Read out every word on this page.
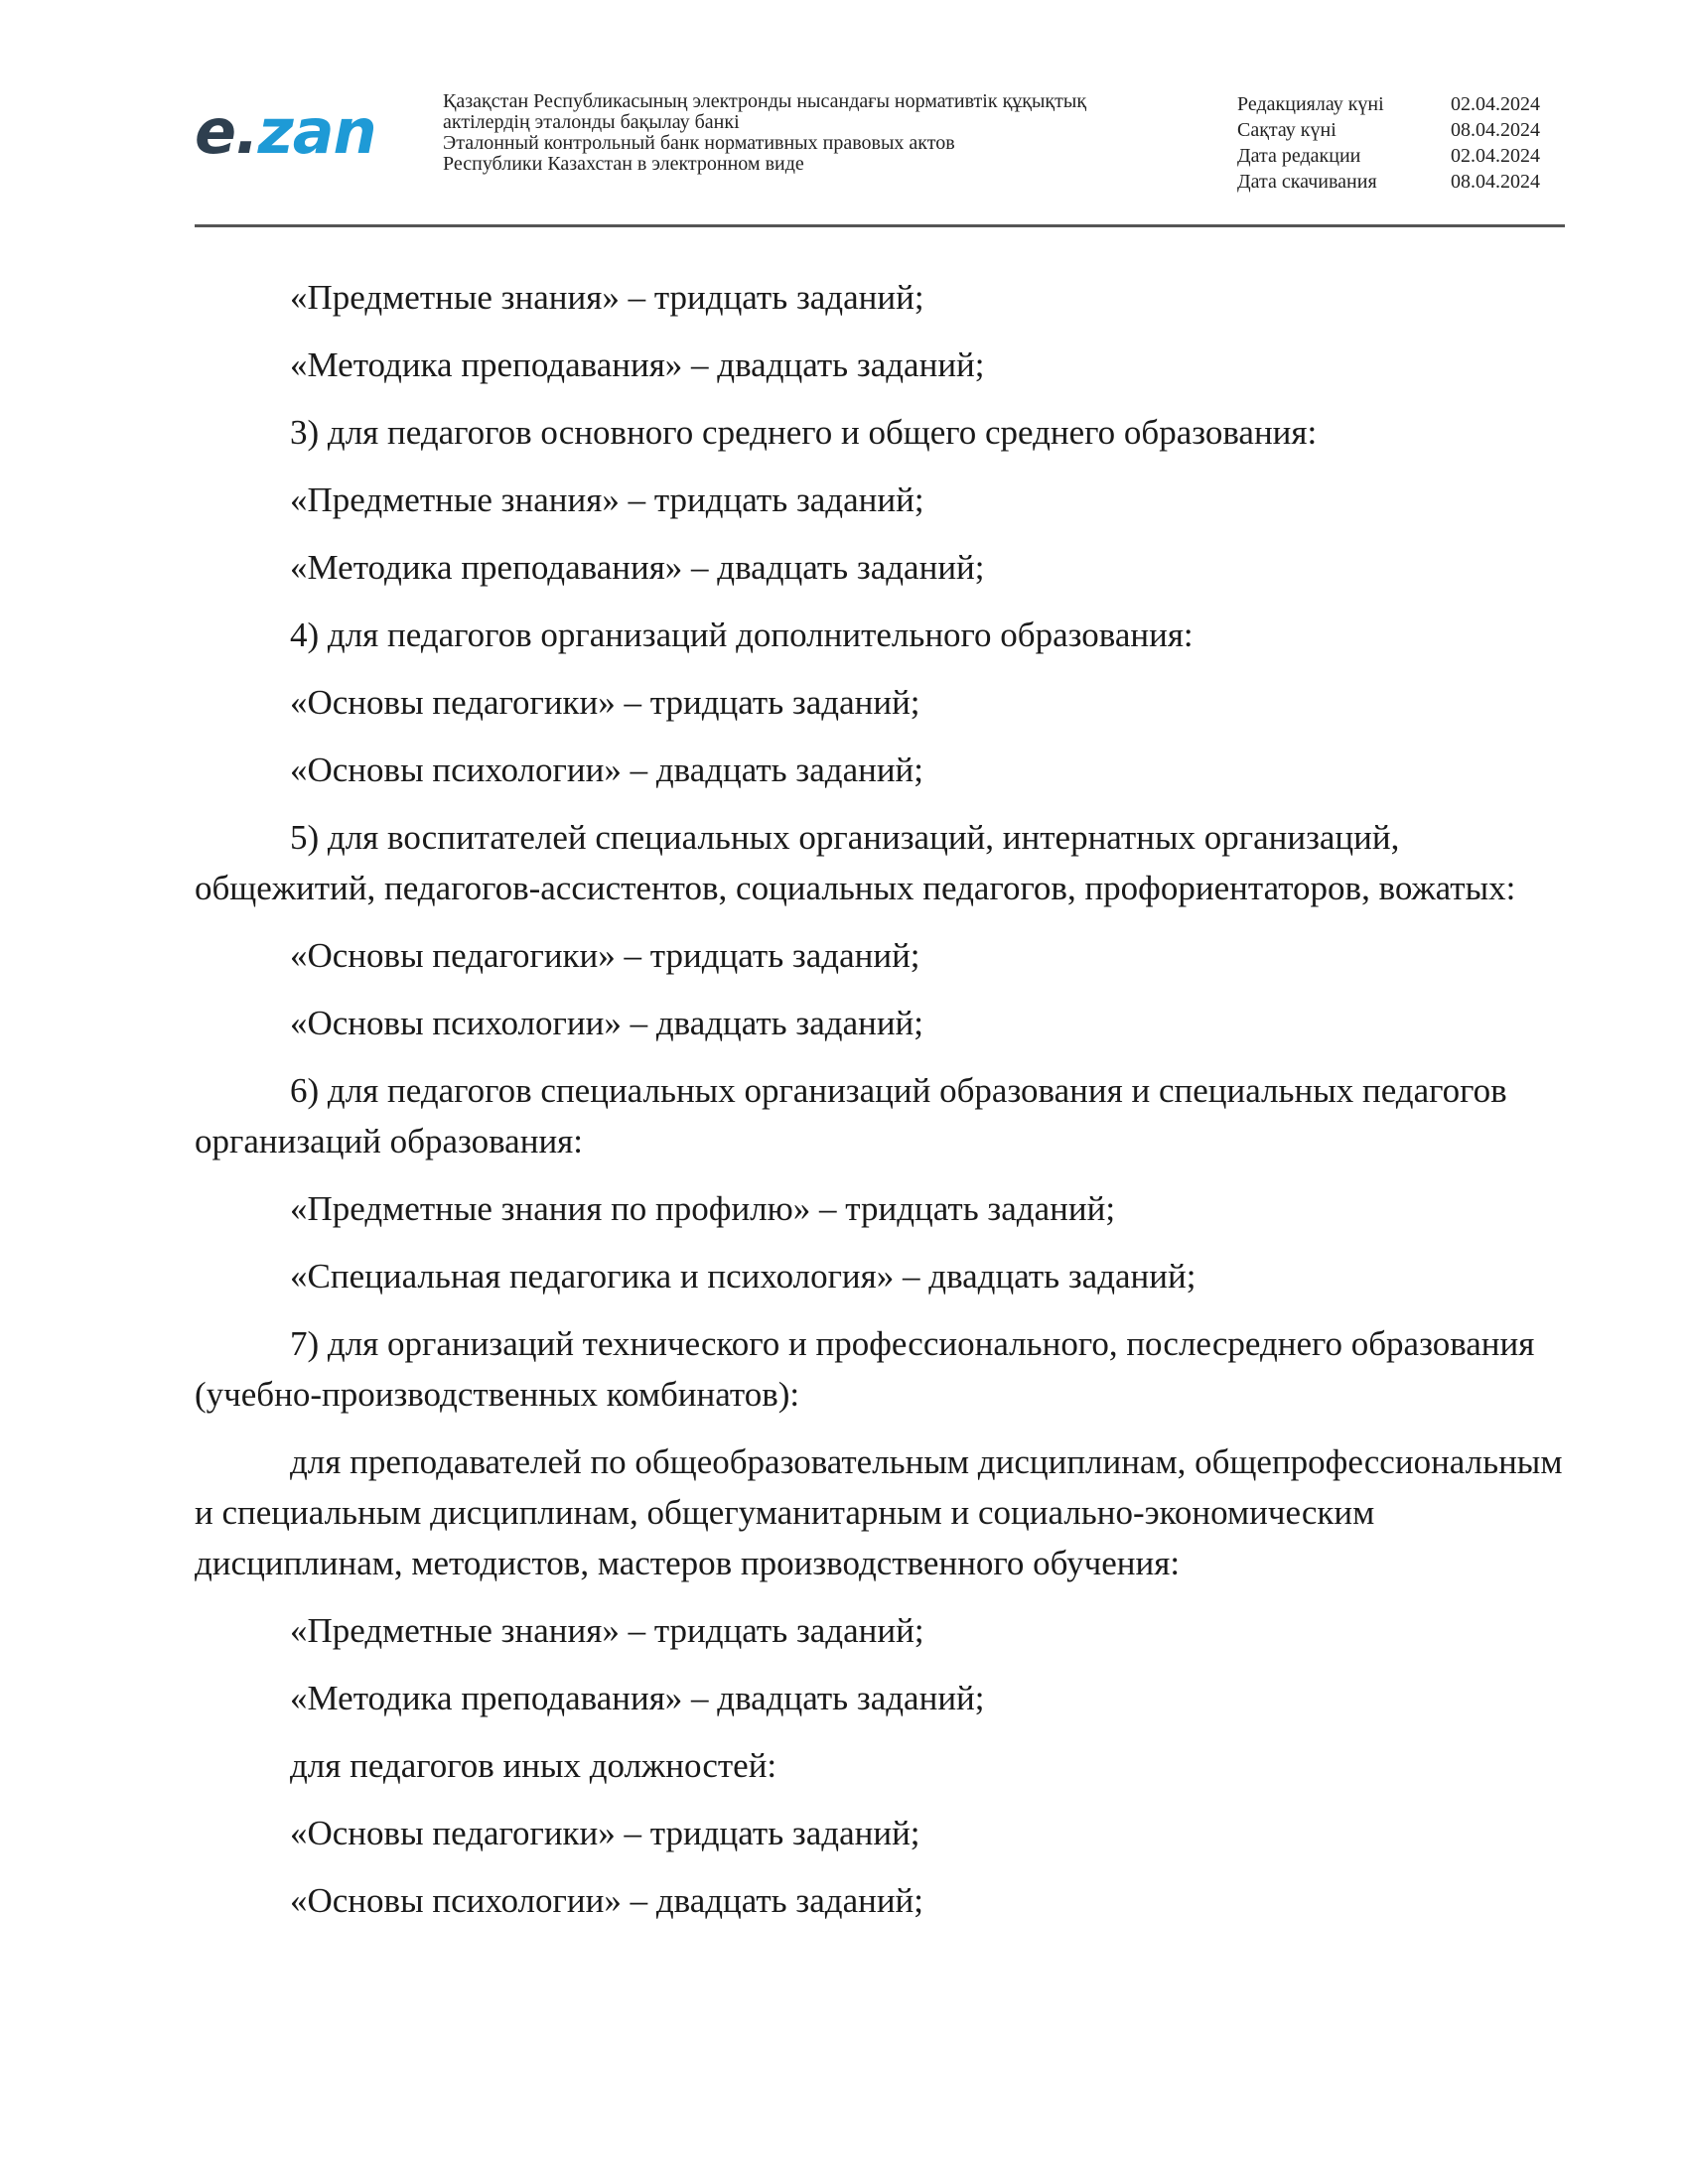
e.zan	Қазақстан Республикасының электронды нысандағы нормативтік құқықтық
актілердің эталонды бақылау банкі
Эталонный контрольный банк нормативных правовых актов
Республики Казахстан в электронном виде
Редакциялау күні	02.04.2024
Сақтау күні	08.04.2024
Дата редакции	02.04.2024
Дата скачивания	08.04.2024

«Предметные знания» – тридцать заданий;

«Методика преподавания» – двадцать заданий;

3) для педагогов основного среднего и общего среднего образования:

«Предметные знания» – тридцать заданий;

«Методика преподавания» – двадцать заданий;

4) для педагогов организаций дополнительного образования:

«Основы педагогики» – тридцать заданий;

«Основы психологии» – двадцать заданий;

5) для воспитателей специальных организаций, интернатных организаций, общежитий, педагогов-ассистентов, социальных педагогов, профориентаторов, вожатых:

«Основы педагогики» – тридцать заданий;

«Основы психологии» – двадцать заданий;

6) для педагогов специальных организаций образования и специальных педагогов организаций образования:

«Предметные знания по профилю» – тридцать заданий;

«Специальная педагогика и психология» – двадцать заданий;

7) для организаций технического и профессионального, послесреднего образования (учебно-производственных комбинатов):

для преподавателей по общеобразовательным дисциплинам, общепрофессиональным и специальным дисциплинам, общегуманитарным и социально-экономическим дисциплинам, методистов, мастеров производственного обучения:

«Предметные знания» – тридцать заданий;

«Методика преподавания» – двадцать заданий;

для педагогов иных должностей:

«Основы педагогики» – тридцать заданий;

«Основы психологии» – двадцать заданий;
